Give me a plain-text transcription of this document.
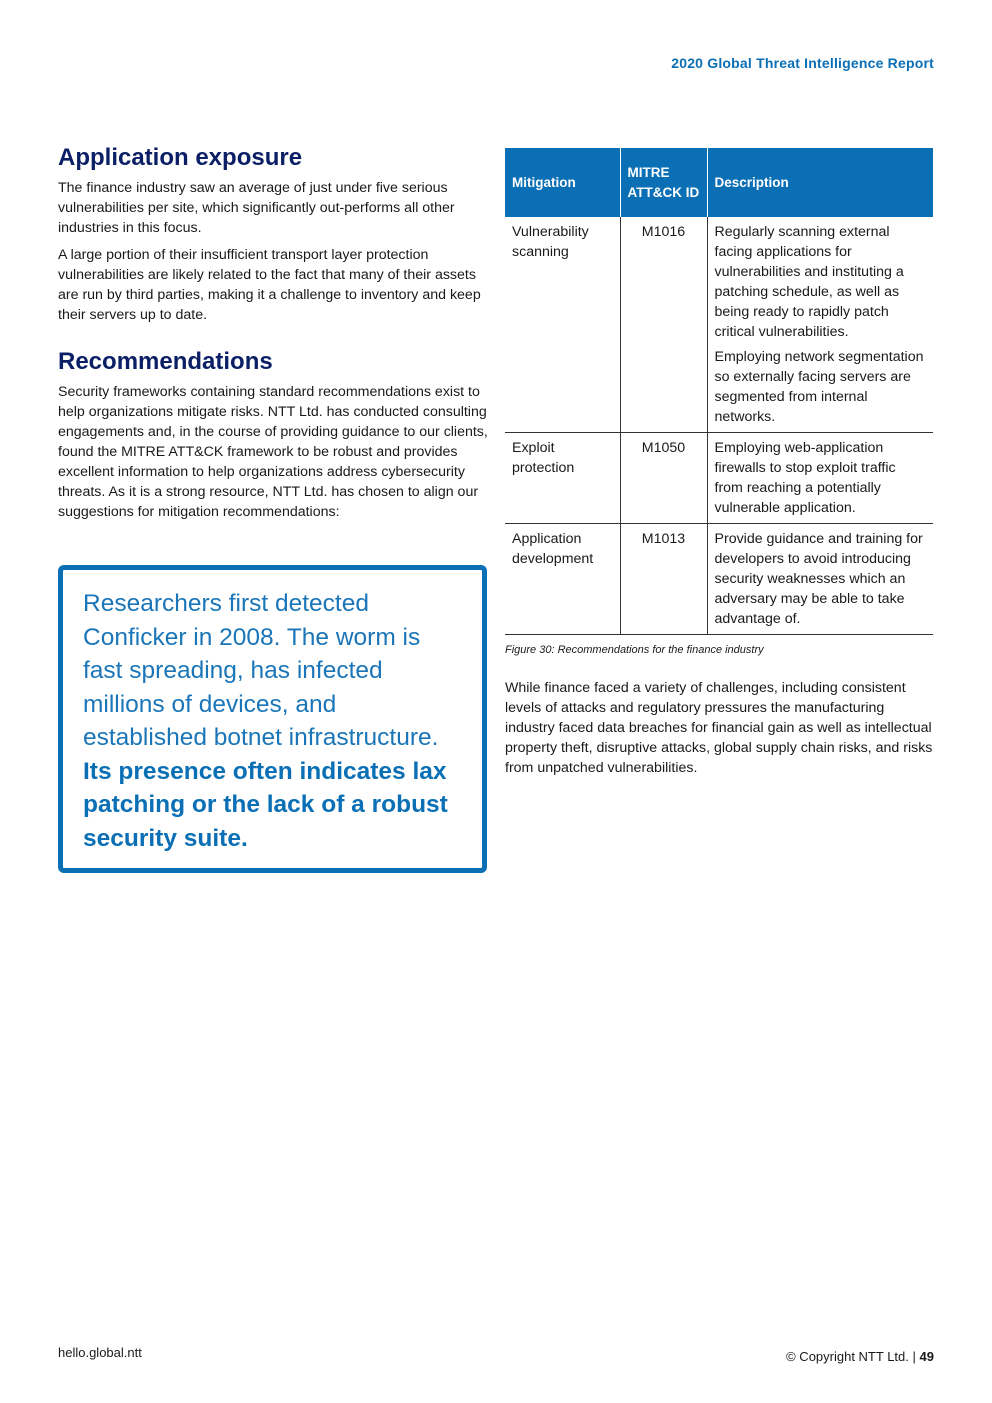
2020 Global Threat Intelligence Report
Application exposure

The finance industry saw an average of just under five serious vulnerabilities per site, which significantly out-performs all other industries in this focus.

A large portion of their insufficient transport layer protection vulnerabilities are likely related to the fact that many of their assets are run by third parties, making it a challenge to inventory and keep their servers up to date.

Recommendations

Security frameworks containing standard recommendations exist to help organizations mitigate risks. NTT Ltd. has conducted consulting engagements and, in the course of providing guidance to our clients, found the MITRE ATT&CK framework to be robust and provides excellent information to help organizations address cybersecurity threats. As it is a strong resource, NTT Ltd. has chosen to align our suggestions for mitigation recommendations:

Researchers first detected Conficker in 2008. The worm is fast spreading, has infected millions of devices, and established botnet infrastructure.
Its presence often indicates lax patching or the lack of a robust security suite.
Mitigation	MITRE ATT&CK ID	Description
Vulnerability scanning	M1016	Regularly scanning external facing applications for vulnerabilities and instituting a patching schedule, as well as being ready to rapidly patch critical vulnerabilities.

Employing network segmentation so externally facing servers are segmented from internal networks.

Exploit protection	M1050	Employing web-application firewalls to stop exploit traffic from reaching a potentially vulnerable application.

Application development	M1013	Provide guidance and training for developers to avoid introducing security weaknesses which an adversary may be able to take advantage of.

Figure 30: Recommendations for the finance industry

While finance faced a variety of challenges, including consistent levels of attacks and regulatory pressures the manufacturing industry faced data breaches for financial gain as well as intellectual property theft, disruptive attacks, global supply chain risks, and risks from unpatched vulnerabilities.

hello.global.ntt	© Copyright NTT Ltd. | 49
